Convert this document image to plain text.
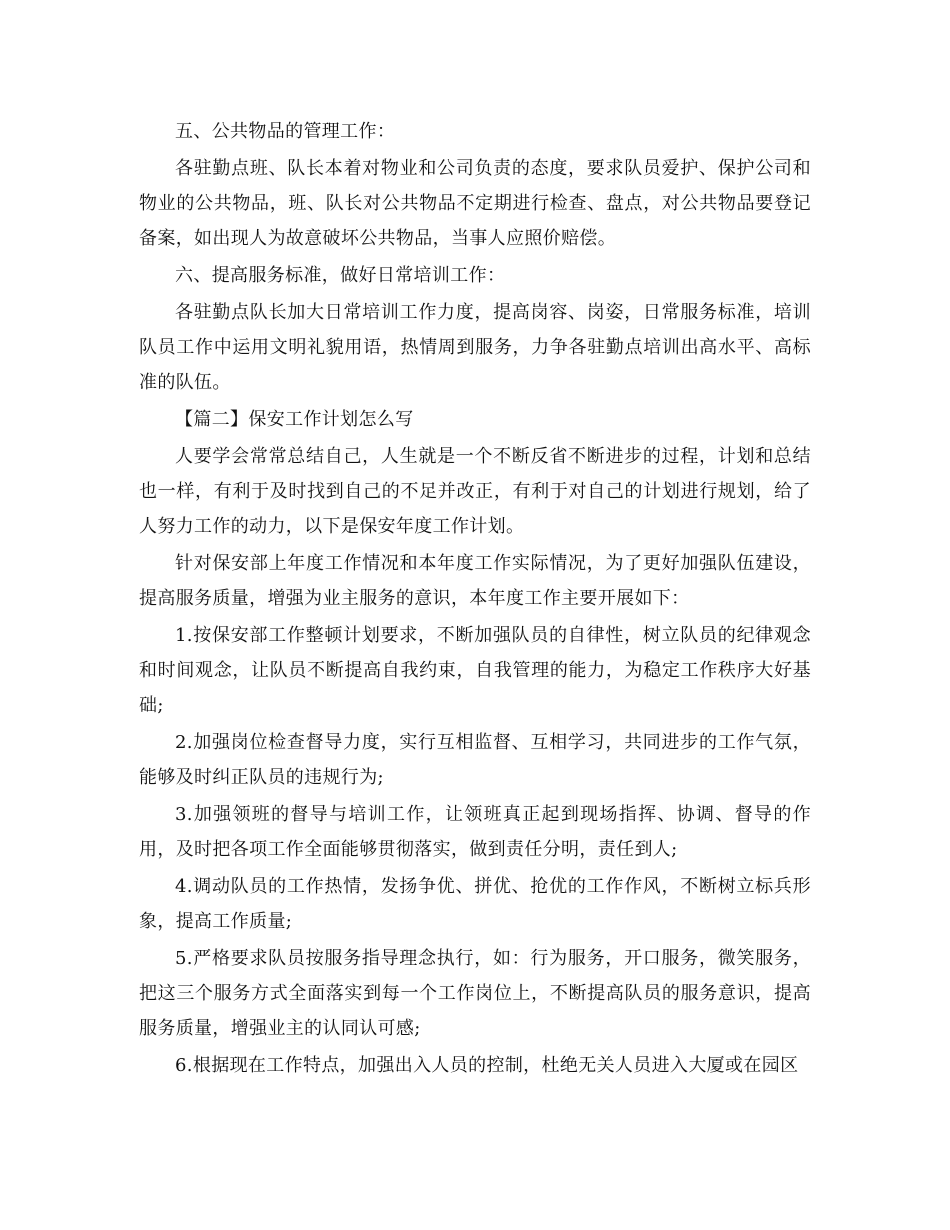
五、公共物品的管理工作：

各驻勤点班、队长本着对物业和公司负责的态度，要求队员爱护、保护公司和物业的公共物品，班、队长对公共物品不定期进行检查、盘点，对公共物品要登记备案，如出现人为故意破坏公共物品，当事人应照价赔偿。

六、提高服务标准，做好日常培训工作：

各驻勤点队长加大日常培训工作力度，提高岗容、岗姿，日常服务标准，培训队员工作中运用文明礼貌用语，热情周到服务，力争各驻勤点培训出高水平、高标准的队伍。

【篇二】保安工作计划怎么写

人要学会常常总结自己，人生就是一个不断反省不断进步的过程，计划和总结也一样，有利于及时找到自己的不足并改正，有利于对自己的计划进行规划，给了人努力工作的动力，以下是保安年度工作计划。

针对保安部上年度工作情况和本年度工作实际情况，为了更好加强队伍建设，提高服务质量，增强为业主服务的意识，本年度工作主要开展如下：

1.按保安部工作整顿计划要求，不断加强队员的自律性，树立队员的纪律观念和时间观念，让队员不断提高自我约束，自我管理的能力，为稳定工作秩序大好基础;

2.加强岗位检查督导力度，实行互相监督、互相学习，共同进步的工作气氛，能够及时纠正队员的违规行为;

3.加强领班的督导与培训工作，让领班真正起到现场指挥、协调、督导的作用，及时把各项工作全面能够贯彻落实，做到责任分明，责任到人;

4.调动队员的工作热情，发扬争优、拼优、抢优的工作作风，不断树立标兵形象，提高工作质量;

5.严格要求队员按服务指导理念执行，如：行为服务，开口服务，微笑服务，把这三个服务方式全面落实到每一个工作岗位上，不断提高队员的服务意识，提高服务质量，增强业主的认同认可感;

6.根据现在工作特点，加强出入人员的控制，杜绝无关人员进入大厦或在园区
